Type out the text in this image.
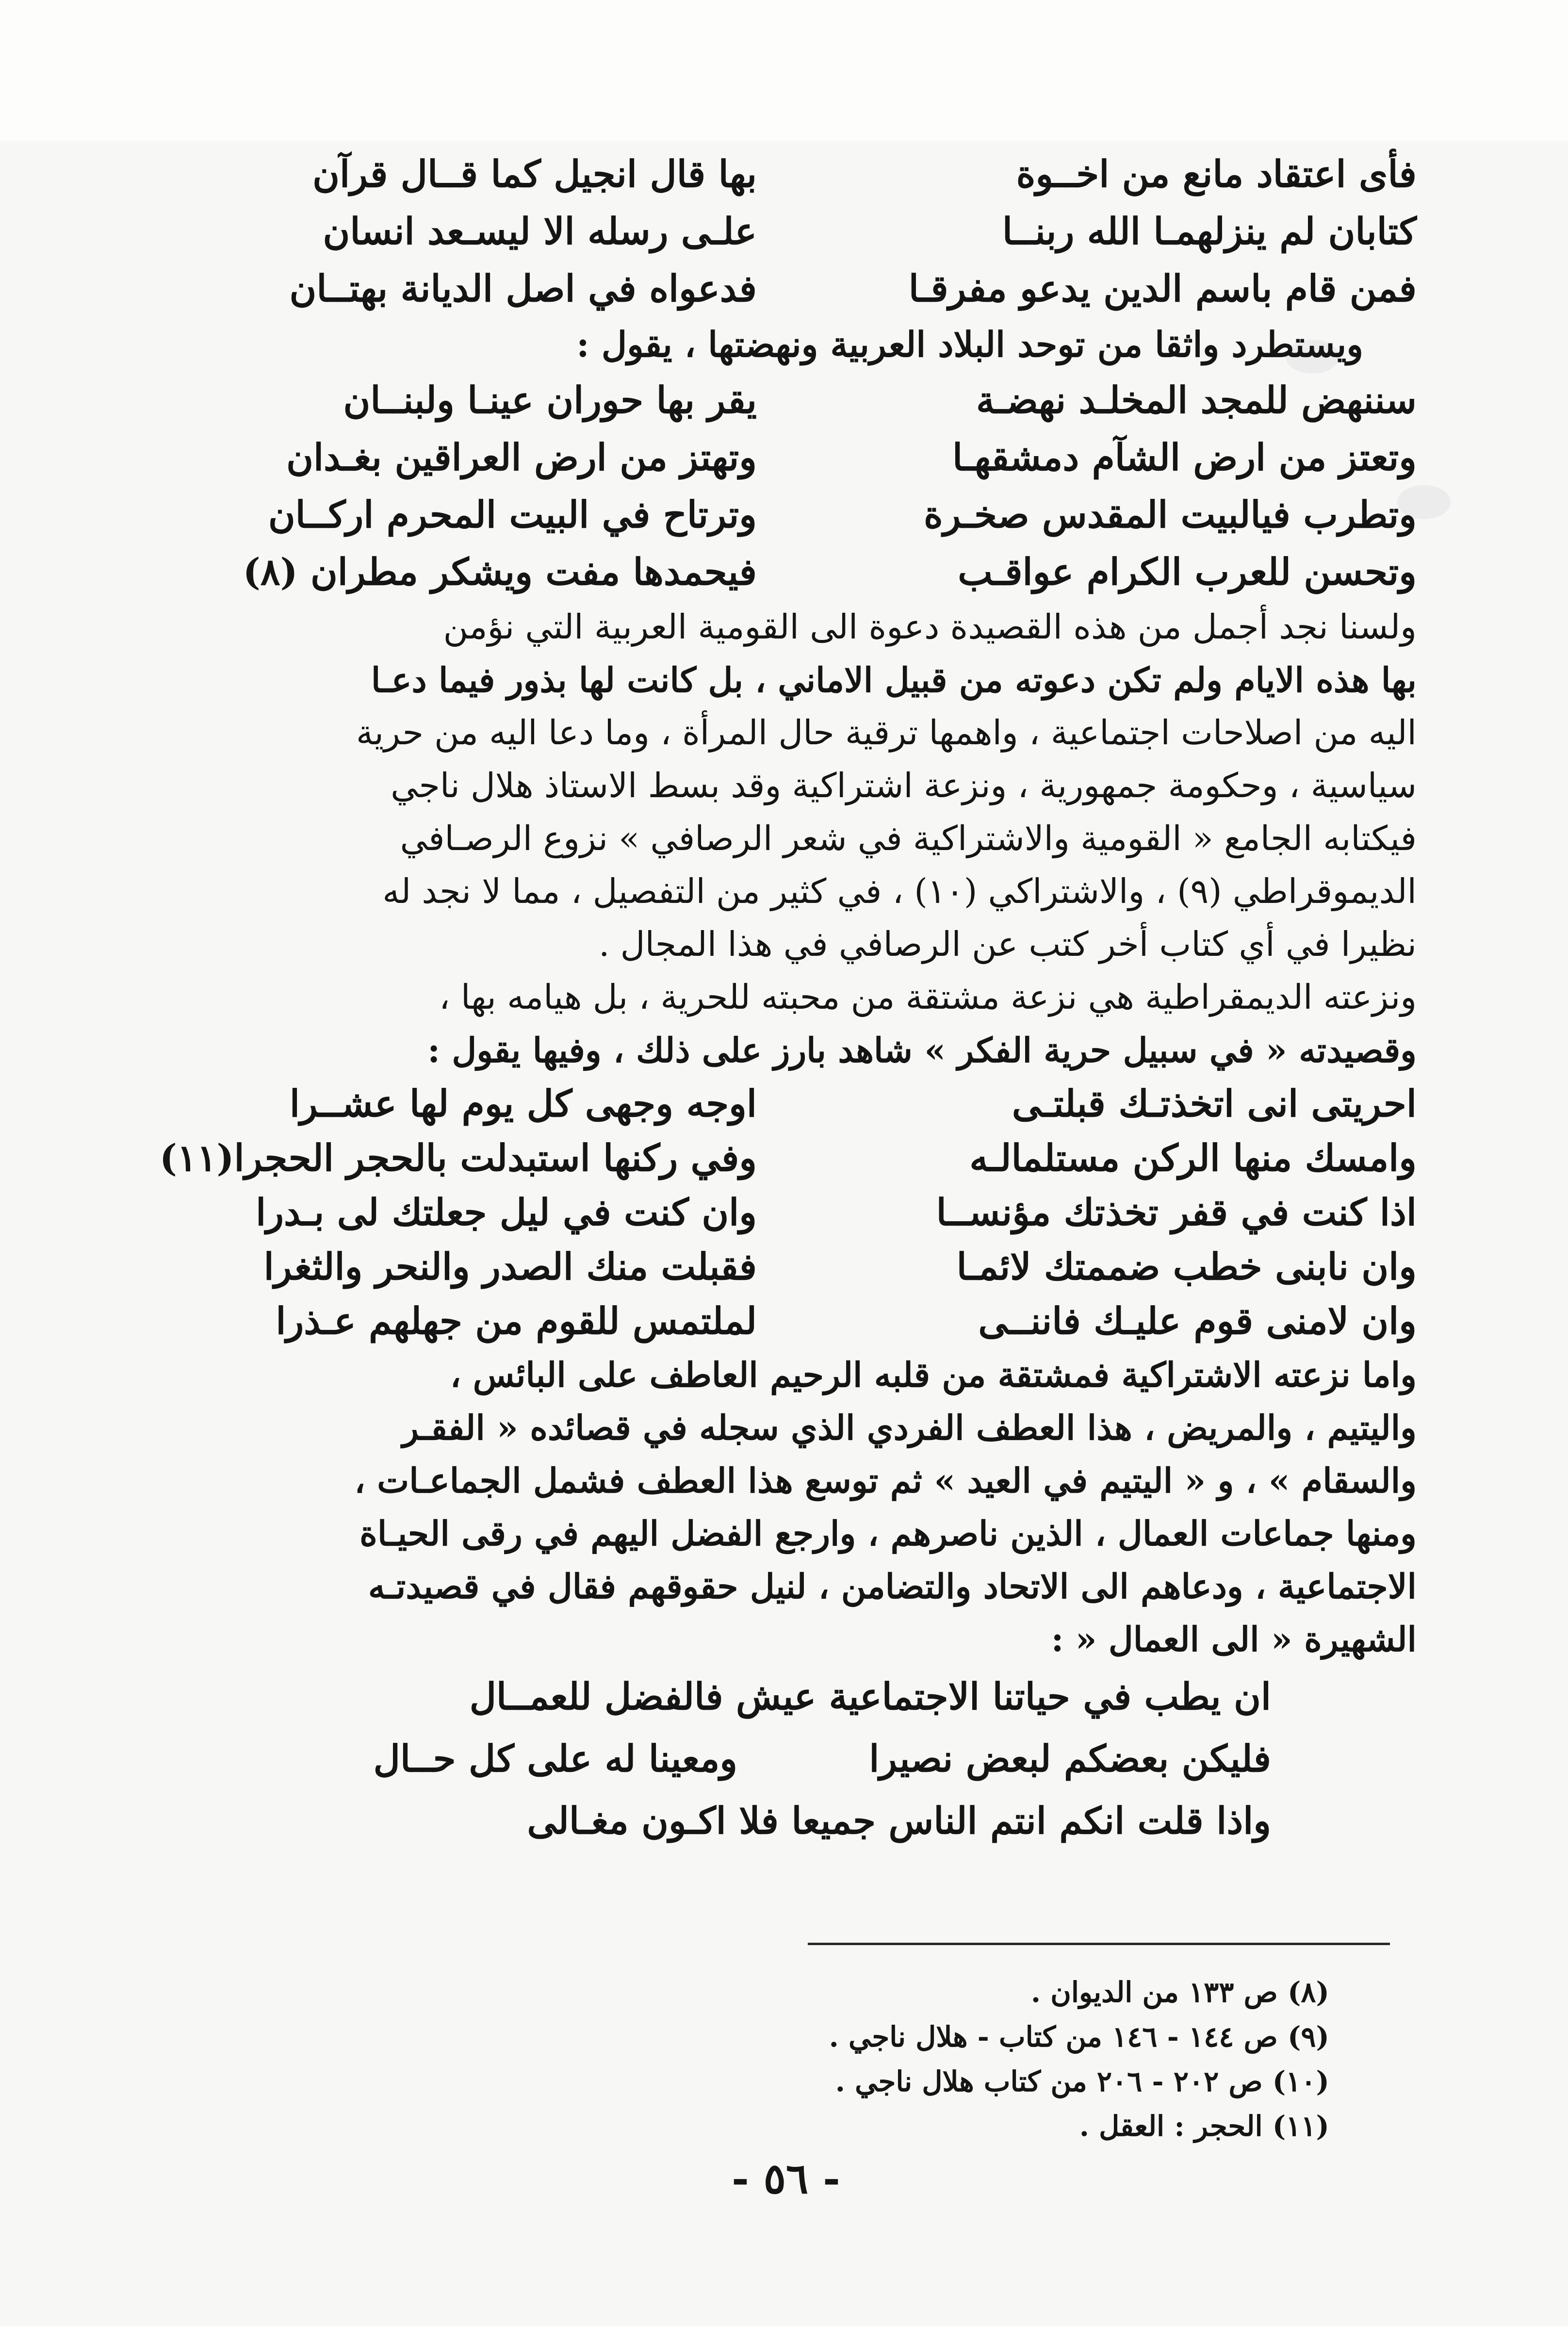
فأى اعتقاد مانع من اخــوة
بها قال انجيل كما قــال قرآن
كتابان لم ينزلهمـا الله ربنــا
علـى رسله الا ليسـعد انسان
فمن قام باسم الدين يدعو مفرقـا
فدعواه في اصل الديانة بهتــان
ويستطرد واثقا من توحد البلاد العربية ونهضتها ، يقول :
سننهض للمجد المخلـد نهضـة
يقر بها حوران عينـا ولبنــان
وتعتز من ارض الشآم دمشقهـا
وتهتز من ارض العراقين بغـدان
وتطرب فيالبيت المقدس صخـرة
وترتاح في البيت المحرم اركــان
وتحسن للعرب الكرام عواقـب
فيحمدها مفت ويشكر مطران (٨)
ولسنا نجد أجمل من هذه القصيدة دعوة الى القومية العربية التي نؤمن
بها هذه الايام ولم تكن دعوته من قبيل الاماني ، بل كانت لها بذور فيما دعـا
اليه من اصلاحات اجتماعية ، واهمها ترقية حال المرأة ، وما دعا اليه من حرية
سياسية ، وحكومة جمهورية ، ونزعة اشتراكية وقد بسط الاستاذ هلال ناجي
فيكتابه الجامع « القومية والاشتراكية في شعر الرصافي » نزوع الرصـافي
الديموقراطي (٩) ، والاشتراكي (١٠) ، في كثير من التفصيل ، مما لا نجد له
نظيرا في أي كتاب أخر كتب عن الرصافي في هذا المجال .
ونزعته الديمقراطية هي نزعة مشتقة من محبته للحرية ، بل هيامه بها ،
وقصيدته « في سبيل حرية الفكر » شاهد بارز على ذلك ، وفيها يقول :
احريتى انى اتخذتـك قبلتـى
اوجه وجهى كل يوم لها عشــرا
وامسك منها الركن مستلمالـه
وفي ركنها استبدلت بالحجر الحجرا(١١)
اذا كنت في قفر تخذتك مؤنســا
وان كنت في ليل جعلتك لى بـدرا
وان نابنى خطب ضممتك لائمـا
فقبلت منك الصدر والنحر والثغرا
وان لامنى قوم عليـك فاننــى
لملتمس للقوم من جهلهم عـذرا
واما نزعته الاشتراكية فمشتقة من قلبه الرحيم العاطف على البائس ،
واليتيم ، والمريض ، هذا العطف الفردي الذي سجله في قصائده « الفقـر
والسقام » ، و « اليتيم في العيد » ثم توسع هذا العطف فشمل الجماعـات ،
ومنها جماعات العمال ، الذين ناصرهم ، وارجع الفضل اليهم في رقى الحيـاة
الاجتماعية ، ودعاهم الى الاتحاد والتضامن ، لنيل حقوقهم فقال في قصيدتـه
الشهيرة « الى العمال « :
ان يطب في حياتنا الاجتماعية عيش فالفضل للعمــال
فليكن بعضكم لبعض نصيرا
ومعينا له على كل حــال
واذا قلت انكم انتم الناس جميعا فلا اكـون مغـالى
(٨) ص ١٣٣ من الديوان .
(٩) ص ١٤٤ - ١٤٦ من كتاب - هلال ناجي .
(١٠) ص ٢٠٢ - ٢٠٦ من كتاب هلال ناجي .
(١١) الحجر : العقل .
- ٥٦ -
